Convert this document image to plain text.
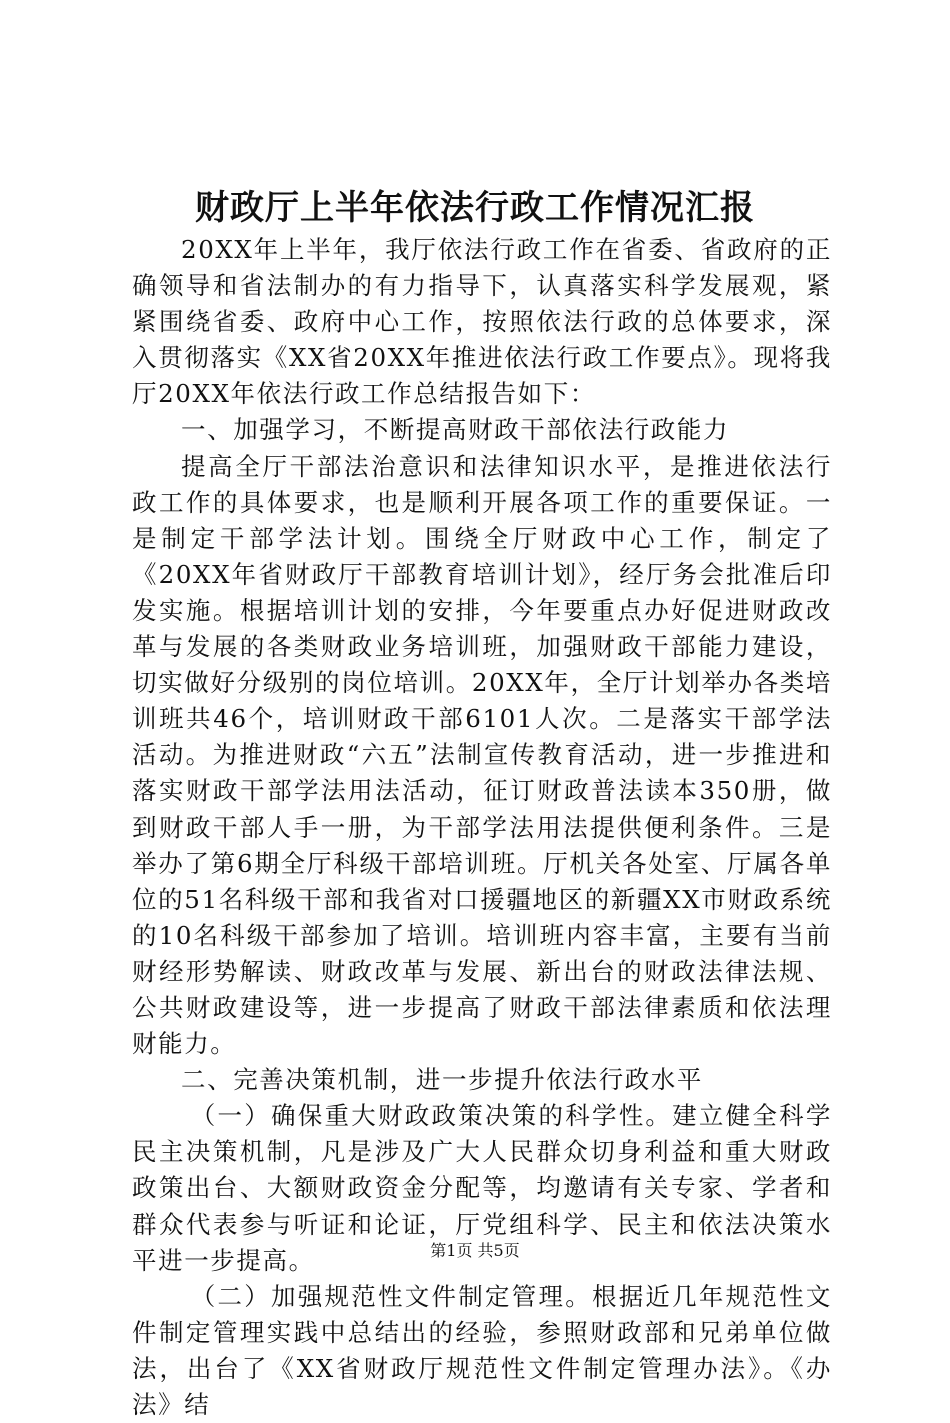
财政厅上半年依法行政工作情况汇报

20XX年上半年，我厅依法行政工作在省委、省政府的正确领导和省法制办的有力指导下，认真落实科学发展观，紧紧围绕省委、政府中心工作，按照依法行政的总体要求，深入贯彻落实《XX省20XX年推进依法行政工作要点》。现将我厅20XX年依法行政工作总结报告如下：

一、加强学习，不断提高财政干部依法行政能力

提高全厅干部法治意识和法律知识水平，是推进依法行政工作的具体要求，也是顺利开展各项工作的重要保证。一是制定干部学法计划。围绕全厅财政中心工作，制定了《20XX年省财政厅干部教育培训计划》，经厅务会批准后印发实施。根据培训计划的安排，今年要重点办好促进财政改革与发展的各类财政业务培训班，加强财政干部能力建设，切实做好分级别的岗位培训。20XX年，全厅计划举办各类培训班共46个，培训财政干部6101人次。二是落实干部学法活动。为推进财政“六五”法制宣传教育活动，进一步推进和落实财政干部学法用法活动，征订财政普法读本350册，做到财政干部人手一册，为干部学法用法提供便利条件。三是举办了第6期全厅科级干部培训班。厅机关各处室、厅属各单位的51名科级干部和我省对口援疆地区的新疆XX市财政系统的10名科级干部参加了培训。培训班内容丰富，主要有当前财经形势解读、财政改革与发展、新出台的财政法律法规、公共财政建设等，进一步提高了财政干部法律素质和依法理财能力。

二、完善决策机制，进一步提升依法行政水平

（一）确保重大财政政策决策的科学性。建立健全科学民主决策机制，凡是涉及广大人民群众切身利益和重大财政政策出台、大额财政资金分配等，均邀请有关专家、学者和群众代表参与听证和论证，厅党组科学、民主和依法决策水平进一步提高。

（二）加强规范性文件制定管理。根据近几年规范性文件制定管理实践中总结出的经验，参照财政部和兄弟单位做法，出台了《XX省财政厅规范性文件制定管理办法》。《办法》结

第1页 共5页
